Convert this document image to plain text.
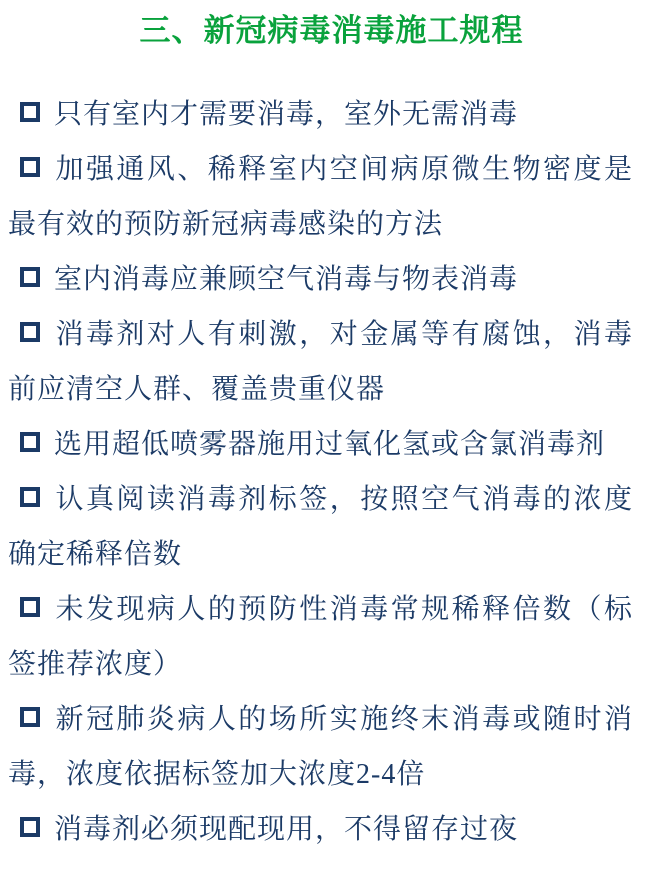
三、新冠病毒消毒施工规程

只有室内才需要消毒，室外无需消毒

加强通风、稀释室内空间病原微生物密度是最有效的预防新冠病毒感染的方法

室内消毒应兼顾空气消毒与物表消毒

消毒剂对人有刺激，对金属等有腐蚀，消毒前应清空人群、覆盖贵重仪器

选用超低喷雾器施用过氧化氢或含氯消毒剂

认真阅读消毒剂标签，按照空气消毒的浓度确定稀释倍数

未发现病人的预防性消毒常规稀释倍数（标签推荐浓度）

新冠肺炎病人的场所实施终末消毒或随时消毒，浓度依据标签加大浓度2-4倍

消毒剂必须现配现用，不得留存过夜
